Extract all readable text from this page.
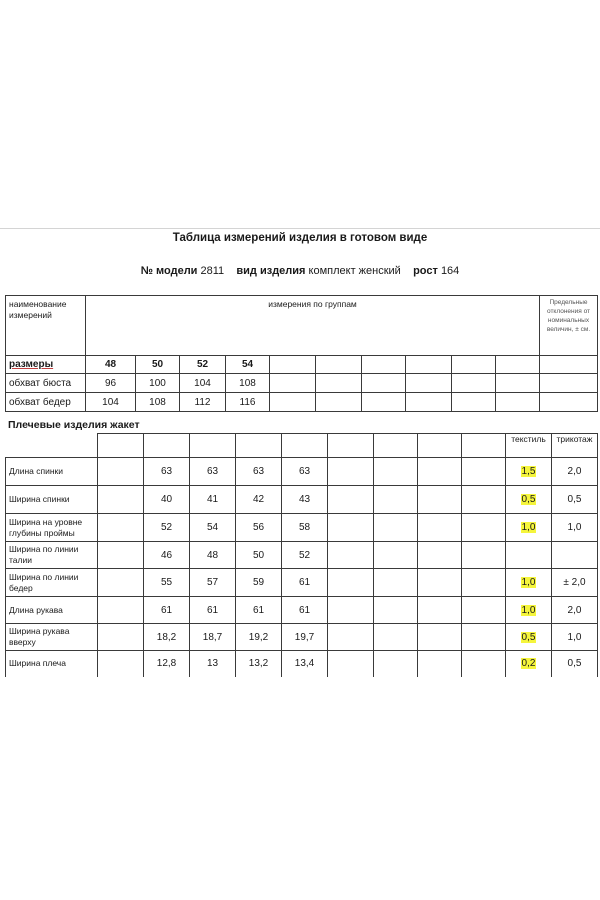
Таблица измерений изделия в готовом виде
№ модели 2811 вид изделия комплект женский рост 164
наименование измерений	измерения по группам										Предельные отклонения от номинальных величин, ± см.
размеры	48	50	52	54							
обхват бюста	96	100	104	108							
обхват бедер	104	108	112	116							
Плечевые изделия жакет
										текстиль	трикотаж
Длина спинки		63	63	63	63					1,5	2,0
Ширина спинки		40	41	42	43					0,5	0,5
Ширина на уровне глубины проймы		52	54	56	58					1,0	1,0
Ширина по линии талии		46	48	50	52						
Ширина по линии бедер		55	57	59	61					1,0	± 2,0
Длина рукава		61	61	61	61					1,0	2,0
Ширина рукава вверху		18,2	18,7	19,2	19,7					0,5	1,0
Ширина плеча		12,8	13	13,2	13,4					0,2	0,5
